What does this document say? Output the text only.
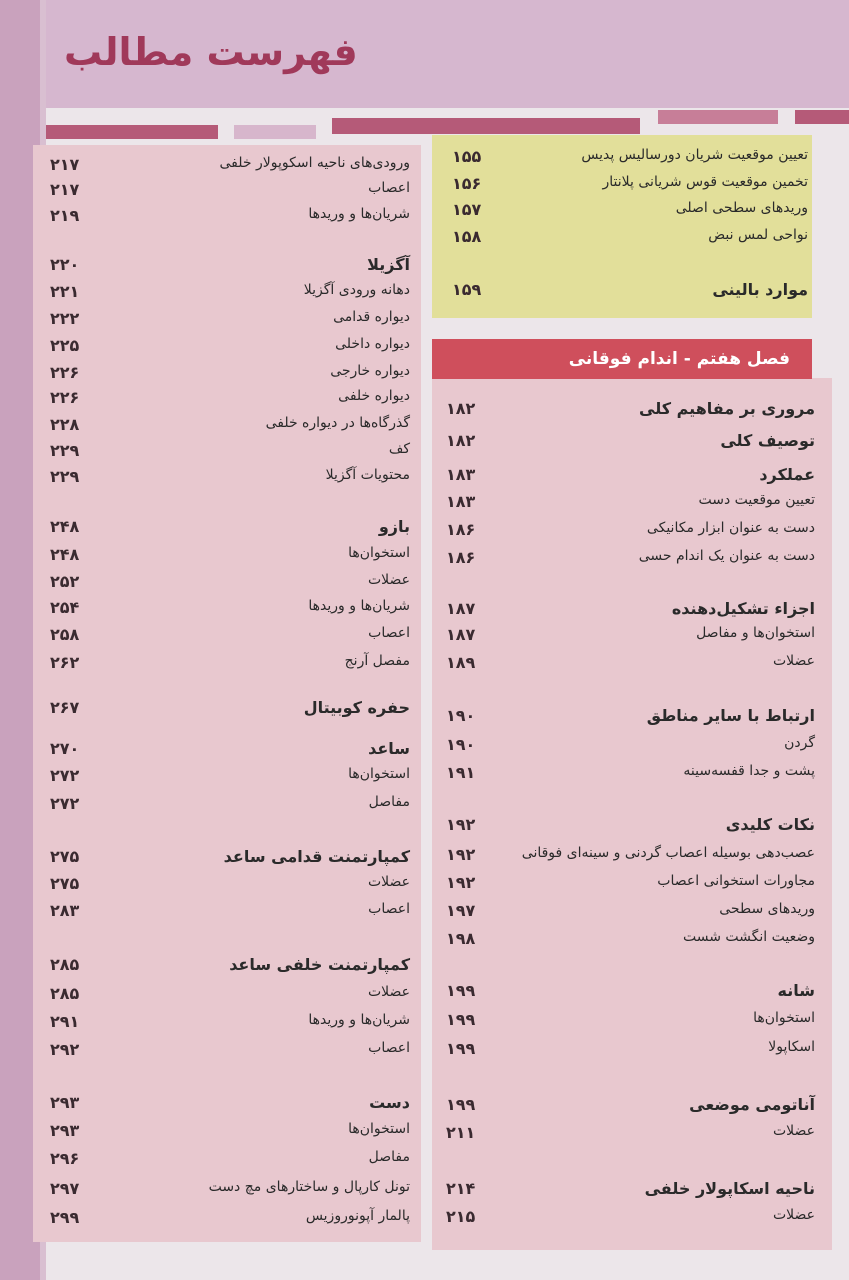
فهرست مطالب
فصل هفتم - اندام فوقانی
تعیین موقعیت شریان دورسالیس پدیس
۱۵۵
تخمین موقعیت قوس شریانی پلانتار
۱۵۶
وریدهای سطحی اصلی
۱۵۷
نواحی لمس نبض
۱۵۸
موارد بالینی
۱۵۹
مروری بر مفاهیم کلی
۱۸۲
توصیف کلی
۱۸۲
عملکرد
۱۸۳
تعیین موقعیت دست
۱۸۳
دست به عنوان ابزار مکانیکی
۱۸۶
دست به عنوان یک اندام حسی
۱۸۶
اجزاء تشکیل‌دهنده
۱۸۷
استخوان‌ها و مفاصل
۱۸۷
عضلات
۱۸۹
ارتباط با سایر مناطق
۱۹۰
گردن
۱۹۰
پشت و جدا قفسه‌سینه
۱۹۱
نکات کلیدی
۱۹۲
عصب‌دهی بوسیله اعصاب گردنی و سینه‌ای فوقانی
۱۹۲
مجاورات استخوانی اعصاب
۱۹۲
وریدهای سطحی
۱۹۷
وضعیت انگشت شست
۱۹۸
شانه
۱۹۹
استخوان‌ها
۱۹۹
اسکاپولا
۱۹۹
آناتومی موضعی
۱۹۹
عضلات
۲۱۱
ناحیه اسکاپولار خلفی
۲۱۴
عضلات
۲۱۵
ورودی‌های ناحیه اسکوپولار خلفی
۲۱۷
اعصاب
۲۱۷
شریان‌ها و وریدها
۲۱۹
آگزیلا
۲۲۰
دهانه ورودی آگزیلا
۲۲۱
دیواره قدامی
۲۲۲
دیواره داخلی
۲۲۵
دیواره خارجی
۲۲۶
دیواره خلفی
۲۲۶
گذرگاه‌ها در دیواره خلفی
۲۲۸
کف
۲۲۹
محتویات آگزیلا
۲۲۹
بازو
۲۴۸
استخوان‌ها
۲۴۸
عضلات
۲۵۲
شریان‌ها و وریدها
۲۵۴
اعصاب
۲۵۸
مفصل آرنج
۲۶۲
حفره کوبیتال
۲۶۷
ساعد
۲۷۰
استخوان‌ها
۲۷۲
مفاصل
۲۷۲
کمپارتمنت قدامی ساعد
۲۷۵
عضلات
۲۷۵
اعصاب
۲۸۳
کمپارتمنت خلفی ساعد
۲۸۵
عضلات
۲۸۵
شریان‌ها و وریدها
۲۹۱
اعصاب
۲۹۲
دست
۲۹۳
استخوان‌ها
۲۹۳
مفاصل
۲۹۶
تونل کارپال و ساختارهای مچ دست
۲۹۷
پالمار آپونوروزیس
۲۹۹
